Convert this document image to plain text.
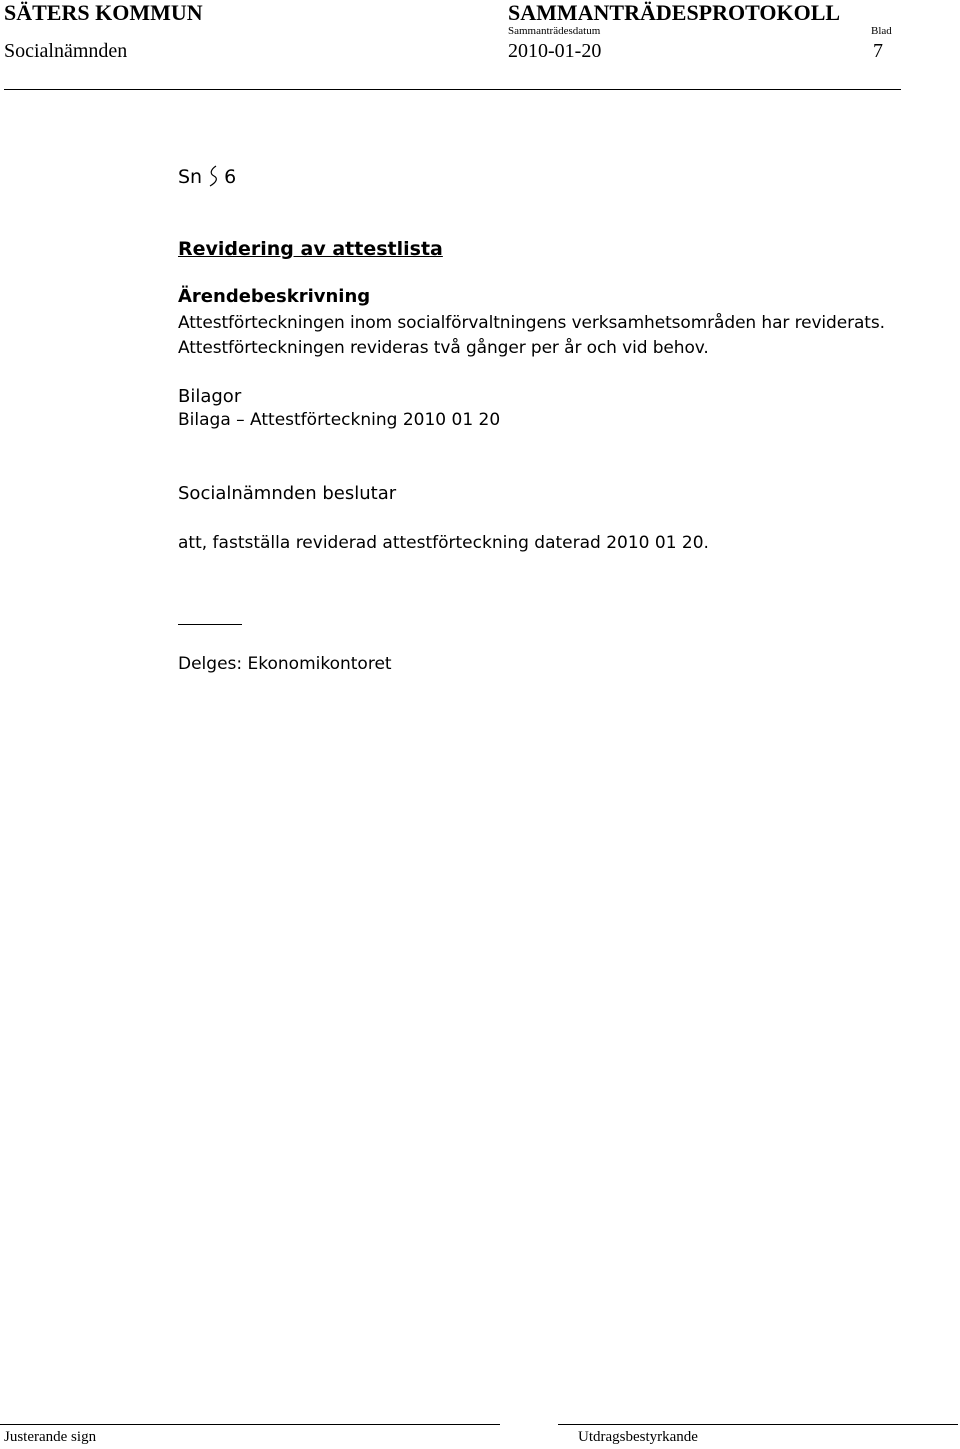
SÄTERS KOMMUN	SAMMANTRÄDESPROTOKOLL
Socialnämnden
Sammanträdesdatum
2010-01-20
Blad
7
Sn 6
Revidering av attestlista
Ärendebeskrivning
Attestförteckningen inom socialförvaltningens verksamhetsområden har reviderats.
Attestförteckningen revideras två gånger per år och vid behov.
Bilagor
Bilaga – Attestförteckning 2010 01 20
Socialnämnden beslutar
att, fastställa reviderad attestförteckning daterad 2010 01 20.
Delges: Ekonomikontoret
Justerande sign	Utdragsbestyrkande
